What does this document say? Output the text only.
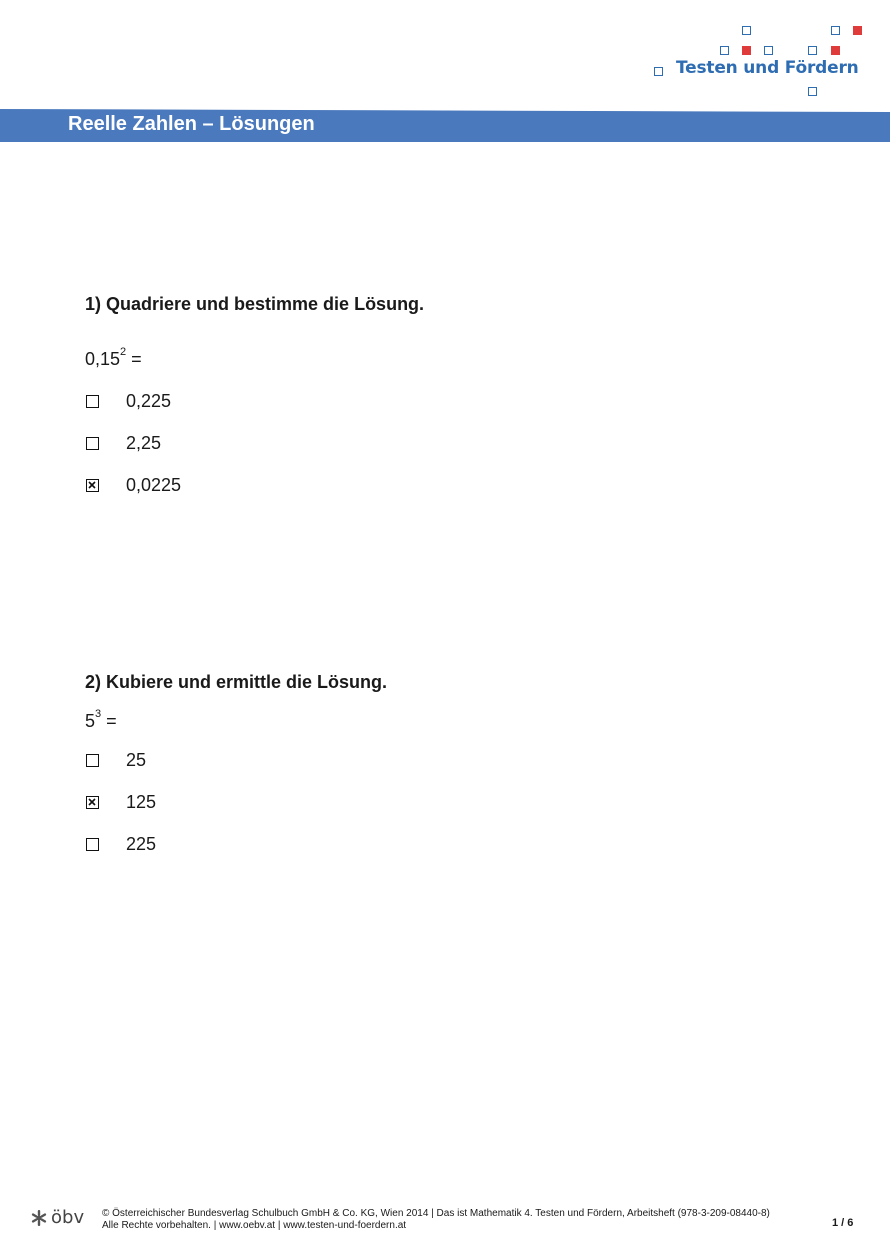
Testen und Fördern
Reelle Zahlen – Lösungen
1) Quadriere und bestimme die Lösung.
$0,15^2$ =
0,225
2,25
0,0225
2) Kubiere und ermittle die Lösung.
$5^3$ =
25
125
225
öbv © Österreichischer Bundesverlag Schulbuch GmbH & Co. KG, Wien 2014 | Das ist Mathematik 4. Testen und Fördern, Arbeitsheft (978-3-209-08440-8)
Alle Rechte vorbehalten. | www.oebv.at | www.testen-und-foerdern.at	1 / 6
